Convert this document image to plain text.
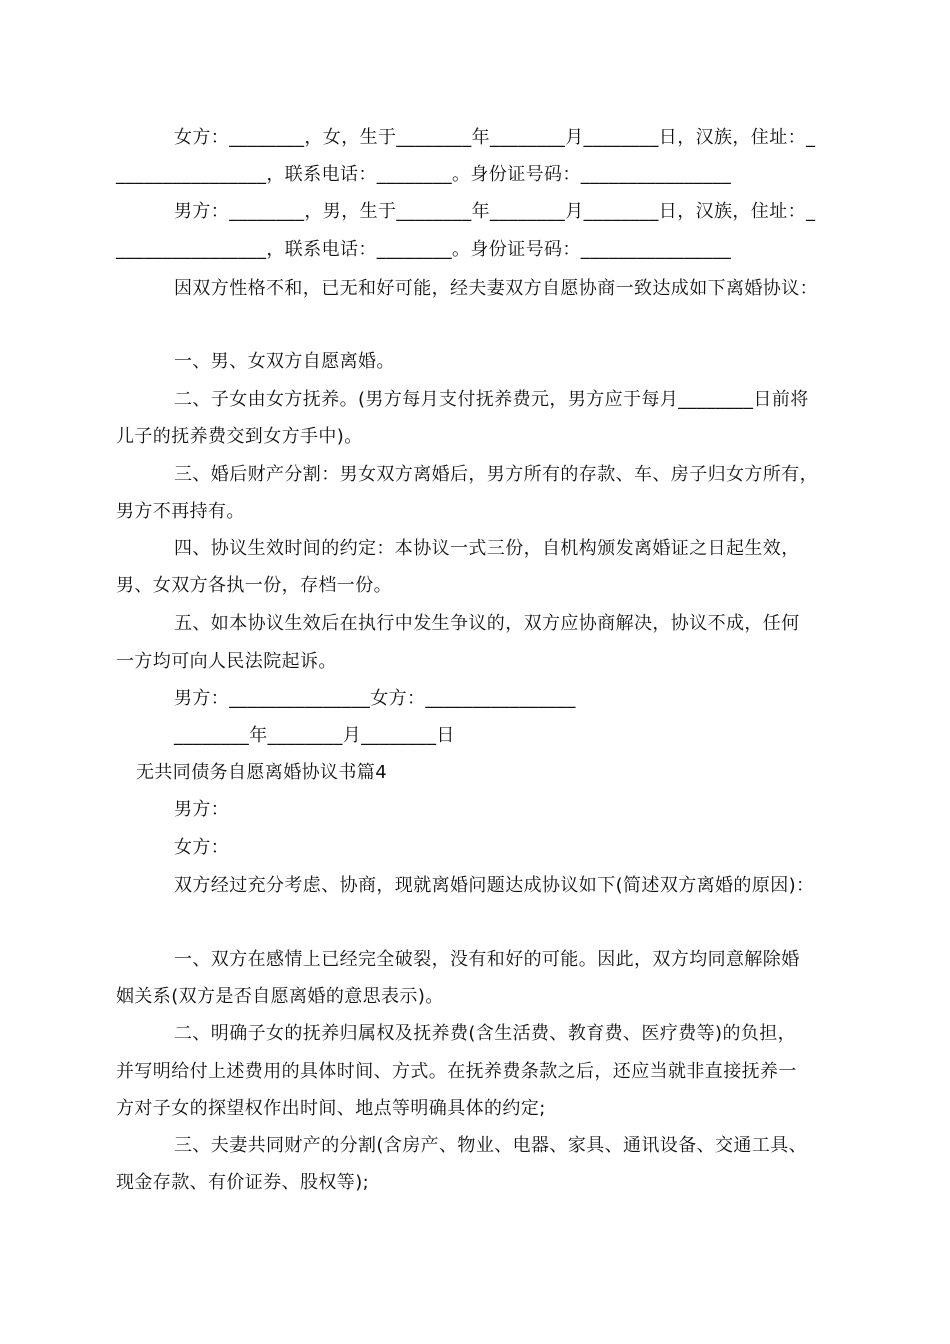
女方：________，女，生于________年________月________日，汉族，住址：_
________________，联系电话：________。身份证号码：________________
男方：________，男，生于________年________月________日，汉族，住址：_
________________，联系电话：________。身份证号码：________________
因双方性格不和，已无和好可能，经夫妻双方自愿协商一致达成如下离婚协议：
一、男、女双方自愿离婚。
二、子女由女方抚养。(男方每月支付抚养费元，男方应于每月________日前将
儿子的抚养费交到女方手中)。
三、婚后财产分割：男女双方离婚后，男方所有的存款、车、房子归女方所有，
男方不再持有。
四、协议生效时间的约定：本协议一式三份，自机构颁发离婚证之日起生效，
男、女双方各执一份，存档一份。
五、如本协议生效后在执行中发生争议的，双方应协商解决，协议不成，任何
一方均可向人民法院起诉。
男方：_______________女方：________________
________年________月________日
无共同债务自愿离婚协议书篇4
男方：
女方：
双方经过充分考虑、协商，现就离婚问题达成协议如下(简述双方离婚的原因)：
一、双方在感情上已经完全破裂，没有和好的可能。因此，双方均同意解除婚
姻关系(双方是否自愿离婚的意思表示)。
二、明确子女的抚养归属权及抚养费(含生活费、教育费、医疗费等)的负担，
并写明给付上述费用的具体时间、方式。在抚养费条款之后，还应当就非直接抚养一
方对子女的探望权作出时间、地点等明确具体的约定;
三、夫妻共同财产的分割(含房产、物业、电器、家具、通讯设备、交通工具、
现金存款、有价证券、股权等);
